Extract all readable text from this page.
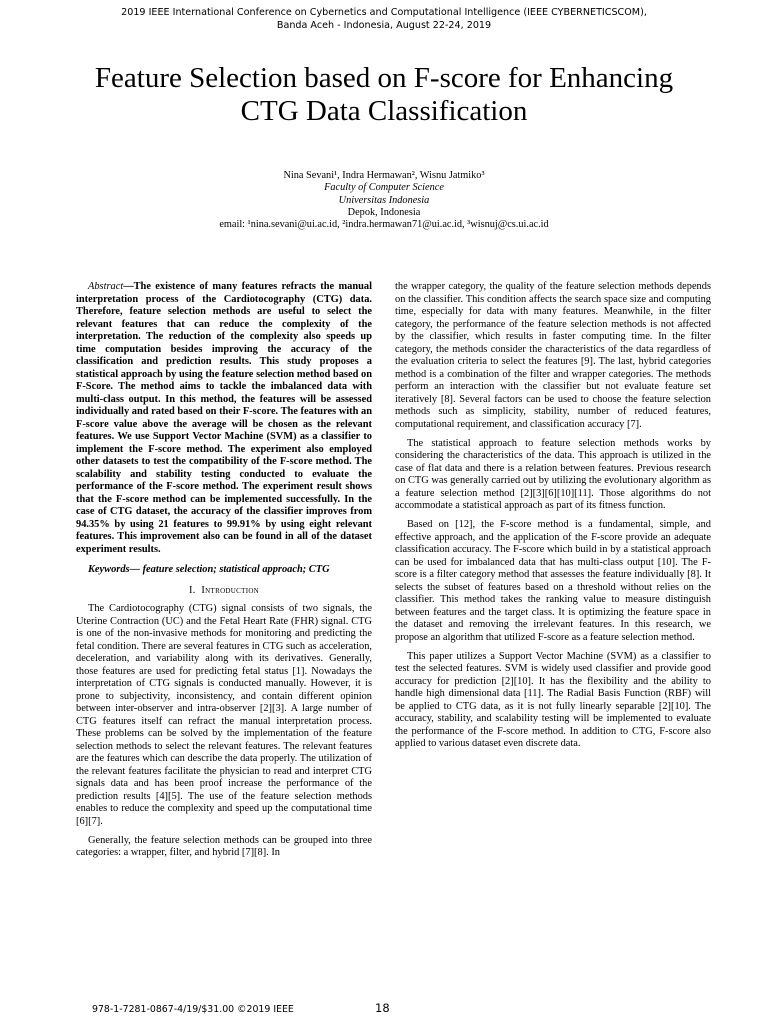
2019 IEEE International Conference on Cybernetics and Computational Intelligence (IEEE CYBERNETICSCOM),
Banda Aceh - Indonesia, August 22-24, 2019
Feature Selection based on F-score for Enhancing
CTG Data Classification
Nina Sevani¹, Indra Hermawan², Wisnu Jatmiko³
Faculty of Computer Science
Universitas Indonesia
Depok, Indonesia
email: ¹nina.sevani@ui.ac.id, ²indra.hermawan71@ui.ac.id, ³wisnuj@cs.ui.ac.id

Abstract—The existence of many features refracts the manual interpretation process of the Cardiotocography (CTG) data. Therefore, feature selection methods are useful to select the relevant features that can reduce the complexity of the interpretation. The reduction of the complexity also speeds up time computation besides improving the accuracy of the classification and prediction results. This study proposes a statistical approach by using the feature selection method based on F-Score. The method aims to tackle the imbalanced data with multi-class output. In this method, the features will be assessed individually and rated based on their F-score. The features with an F-score value above the average will be chosen as the relevant features. We use Support Vector Machine (SVM) as a classifier to implement the F-score method. The experiment also employed other datasets to test the compatibility of the F-score method. The scalability and stability testing conducted to evaluate the performance of the F-score method. The experiment result shows that the F-score method can be implemented successfully. In the case of CTG dataset, the accuracy of the classifier improves from 94.35% by using 21 features to 99.91% by using eight relevant features. This improvement also can be found in all of the dataset experiment results.

Keywords— feature selection; statistical approach; CTG

I. Introduction

The Cardiotocography (CTG) signal consists of two signals, the Uterine Contraction (UC) and the Fetal Heart Rate (FHR) signal. CTG is one of the non-invasive methods for monitoring and predicting the fetal condition. There are several features in CTG such as acceleration, deceleration, and variability along with its derivatives. Generally, those features are used for predicting fetal status [1]. Nowadays the interpretation of CTG signals is conducted manually. However, it is prone to subjectivity, inconsistency, and contain different opinion between inter-observer and intra-observer [2][3]. A large number of CTG features itself can refract the manual interpretation process. These problems can be solved by the implementation of the feature selection methods to select the relevant features. The relevant features are the features which can describe the data properly. The utilization of the relevant features facilitate the physician to read and interpret CTG signals data and has been proof increase the performance of the prediction results [4][5]. The use of the feature selection methods enables to reduce the complexity and speed up the computational time [6][7].

Generally, the feature selection methods can be grouped into three categories: a wrapper, filter, and hybrid [7][8]. In

the wrapper category, the quality of the feature selection methods depends on the classifier. This condition affects the search space size and computing time, especially for data with many features. Meanwhile, in the filter category, the performance of the feature selection methods is not affected by the classifier, which results in faster computing time. In the filter category, the methods consider the characteristics of the data regardless of the evaluation criteria to select the features [9]. The last, hybrid categories method is a combination of the filter and wrapper categories. The methods perform an interaction with the classifier but not evaluate feature set iteratively [8]. Several factors can be used to choose the feature selection methods such as simplicity, stability, number of reduced features, computational requirement, and classification accuracy [7].

The statistical approach to feature selection methods works by considering the characteristics of the data. This approach is utilized in the case of flat data and there is a relation between features. Previous research on CTG was generally carried out by utilizing the evolutionary algorithm as a feature selection method [2][3][6][10][11]. Those algorithms do not accommodate a statistical approach as part of its fitness function.

Based on [12], the F-score method is a fundamental, simple, and effective approach, and the application of the F-score provide an adequate classification accuracy. The F-score which build in by a statistical approach can be used for imbalanced data that has multi-class output [10]. The F-score is a filter category method that assesses the feature individually [8]. It selects the subset of features based on a threshold without relies on the classifier. This method takes the ranking value to measure distinguish between features and the target class. It is optimizing the feature space in the dataset and removing the irrelevant features. In this research, we propose an algorithm that utilized F-score as a feature selection method.

This paper utilizes a Support Vector Machine (SVM) as a classifier to test the selected features. SVM is widely used classifier and provide good accuracy for prediction [2][10]. It has the flexibility and the ability to handle high dimensional data [11]. The Radial Basis Function (RBF) will be applied to CTG data, as it is not fully linearly separable [2][10]. The accuracy, stability, and scalability testing will be implemented to evaluate the performance of the F-score method. In addition to CTG, F-score also applied to various dataset even discrete data.

978-1-7281-0867-4/19/$31.00 ©2019 IEEE	18
